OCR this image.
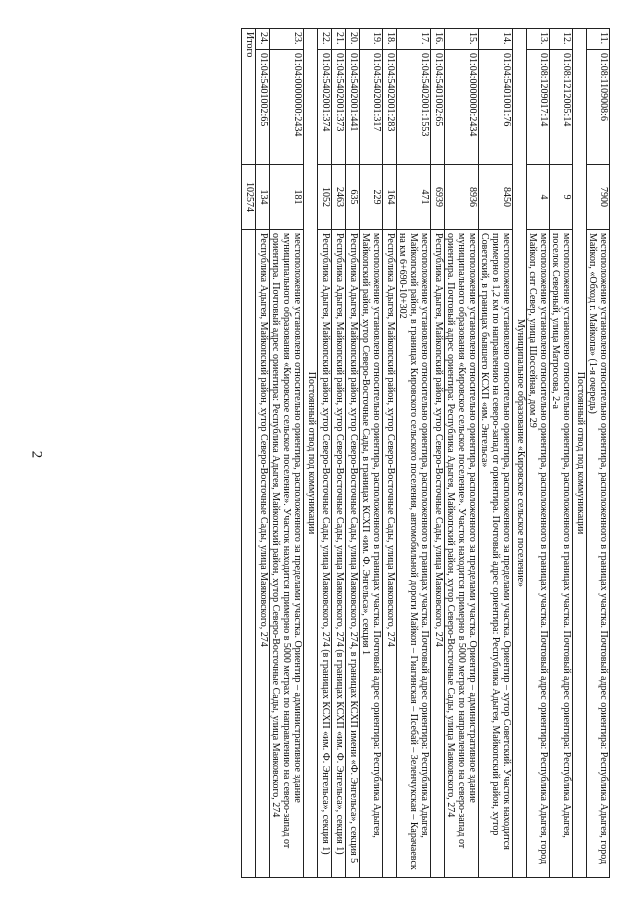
2
11.	01:08:1109008:6	7900	местоположение установлено относительно ориентира, расположенного в границах участка. Почтовый адрес ориентира: Республика Адыгея, город Майкоп, «Обход г. Майкопа» (1-я очередь)
Постоянный отвод под коммуникации			
12.	01:08:1212005:14	9	местоположение установлено относительно ориентира, расположенного в границах участка. Почтовый адрес ориентира: Республика Адыгея, поселок Северный, улица Матросова, 2-а
13.	01:08:1209017:14	4	местоположение установлено относительно ориентира, расположенного в границах участка. Почтовый адрес ориентира: Республика Адыгея, город Майкоп, снт Север, улица Шоссейная, дом 29
Муниципальное образование «Кировское сельское поселение»			
14.	01:04:5401001:76	8450	местоположение установлено относительно ориентира, расположенного за пределами участка. Ориентир – хутор Советский. Участок находится примерно в 1,2 км по направлению на северо-запад от ориентира. Почтовый адрес ориентира: Республика Адыгея, Майкопский район, хутор Советский, в границах бывшего КСХП «им. Энгельса»
15.	01:04:0000000:2434	8936	местоположение установлено относительно ориентира, расположенного за пределами участка. Ориентир – административное здание муниципального образования «Кировское сельское поселение». Участок находится примерно в 5000 метрах по направлению на северо-запад от ориентира. Почтовый адрес ориентира: Республика Адыгея, Майкопский район, хутор Северо-Восточные Сады, улица Маяковского, 274
16.	01:04:5401002:65	6939	Республика Адыгея, Майкопский район, хутор Северо-Восточные Сады, улица Маяковского, 274
17.	01:04:5402001:1553	471	местоположение установлено относительно ориентира, расположенного в границах участка. Почтовый адрес ориентира: Республика Адыгея, Майкопский район, в границах Кировского сельского поселения, автомобильной дороги Майкоп – Гиагинская – Псебай – Зеленчукская – Карачаевск на км 6+690-10+302
18.	01:04:5402001:283	164	Республика Адыгея, Майкопский район, хутор Северо-Восточные Сады, улица Маяковского, 274
19.	01:04:5402001:317	229	местоположение установлено относительно ориентира, расположенного в границах участка. Почтовый адрес ориентира: Республика Адыгея, Майкопский район, хутор Северо-Восточные Сады, в границах КСХП «им. Ф. Энгельса», секция 1
20.	01:04:5402001:441	635	Республика Адыгея, Майкопский район, хутор Северо-Восточные Сады, улица Маяковского, 274, в границах КСХП имени «Ф. Энгельса», секция 5
21.	01:04:5402001:373	2463	Республика Адыгея, Майкопский район, хутор Северо-Восточные Сады, улица Маяковского, 274 (в границах КСХП «им. Ф. Энгельса», секция 1)
22.	01:04:5402001:374	1052	Республика Адыгея, Майкопский район, хутор Северо-Восточные Сады, улица Маяковского, 274 (в границах КСХП «им. Ф. Энгельса», секция 1)
Постоянный отвод под коммуникации			
23.	01:04:0000000:2434	181	местоположение установлено относительно ориентира, расположенного за пределами участка. Ориентир – административное здание муниципального образования «Кировское сельское поселение». Участок находится примерно в 5000 метрах по направлению на северо-запад от ориентира. Почтовый адрес ориентира: Республика Адыгея, Майкопский район, хутор Северо-Восточные Сады, улица Маяковского, 274
24.	01:04:5401002:65	134	Республика Адыгея, Майкопский район, хутор Северо-Восточные Сады, улица Маяковского, 274
Итого		102574	
